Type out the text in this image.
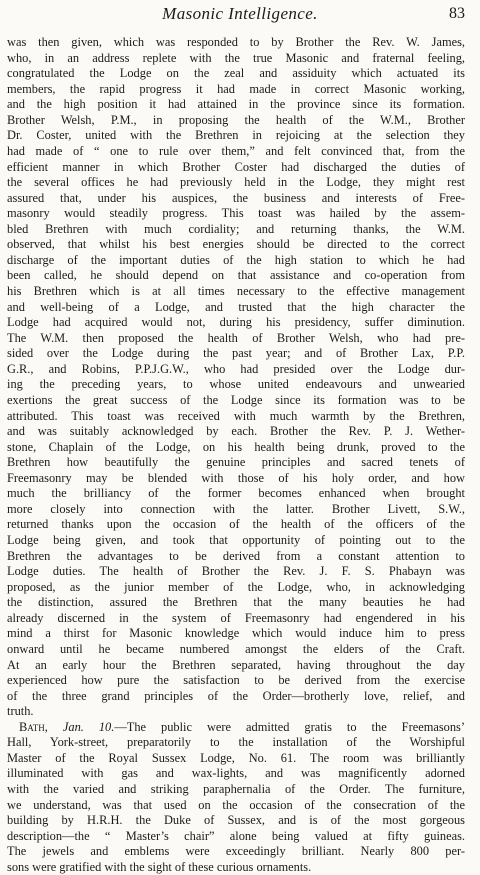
Masonic Intelligence.	83
was then given, which was responded to by Brother the Rev. W. James,
who, in an address replete with the true Masonic and fraternal feeling,
congratulated the Lodge on the zeal and assiduity which actuated its
members, the rapid progress it had made in correct Masonic working,
and the high position it had attained in the province since its formation.
Brother Welsh, P.M., in proposing the health of the W.M., Brother
Dr. Coster, united with the Brethren in rejoicing at the selection they
had made of “ one to rule over them,” and felt convinced that, from the
efficient manner in which Brother Coster had discharged the duties of
the several offices he had previously held in the Lodge, they might rest
assured that, under his auspices, the business and interests of Free-
masonry would steadily progress. This toast was hailed by the assem-
bled Brethren with much cordiality; and returning thanks, the W.M.
observed, that whilst his best energies should be directed to the correct
discharge of the important duties of the high station to which he had
been called, he should depend on that assistance and co-operation from
his Brethren which is at all times necessary to the effective management
and well-being of a Lodge, and trusted that the high character the
Lodge had acquired would not, during his presidency, suffer diminution.
The W.M. then proposed the health of Brother Welsh, who had pre-
sided over the Lodge during the past year; and of Brother Lax, P.P.
G.R., and Robins, P.P.J.G.W., who had presided over the Lodge dur-
ing the preceding years, to whose united endeavours and unwearied
exertions the great success of the Lodge since its formation was to be
attributed. This toast was received with much warmth by the Brethren,
and was suitably acknowledged by each. Brother the Rev. P. J. Wether-
stone, Chaplain of the Lodge, on his health being drunk, proved to the
Brethren how beautifully the genuine principles and sacred tenets of
Freemasonry may be blended with those of his holy order, and how
much the brilliancy of the former becomes enhanced when brought
more closely into connection with the latter. Brother Livett, S.W.,
returned thanks upon the occasion of the health of the officers of the
Lodge being given, and took that opportunity of pointing out to the
Brethren the advantages to be derived from a constant attention to
Lodge duties. The health of Brother the Rev. J. F. S. Phabayn was
proposed, as the junior member of the Lodge, who, in acknowledging
the distinction, assured the Brethren that the many beauties he had
already discerned in the system of Freemasonry had engendered in his
mind a thirst for Masonic knowledge which would induce him to press
onward until he became numbered amongst the elders of the Craft.
At an early hour the Brethren separated, having throughout the day
experienced how pure the satisfaction to be derived from the exercise
of the three grand principles of the Order—brotherly love, relief, and
truth.
Bath, Jan. 10.—The public were admitted gratis to the Freemasons’
Hall, York-street, preparatorily to the installation of the Worshipful
Master of the Royal Sussex Lodge, No. 61. The room was brilliantly
illuminated with gas and wax-lights, and was magnificently adorned
with the varied and striking paraphernalia of the Order. The furniture,
we understand, was that used on the occasion of the consecration of the
building by H.R.H. the Duke of Sussex, and is of the most gorgeous
description—the “ Master’s chair” alone being valued at fifty guineas.
The jewels and emblems were exceedingly brilliant. Nearly 800 per-
sons were gratified with the sight of these curious ornaments.
